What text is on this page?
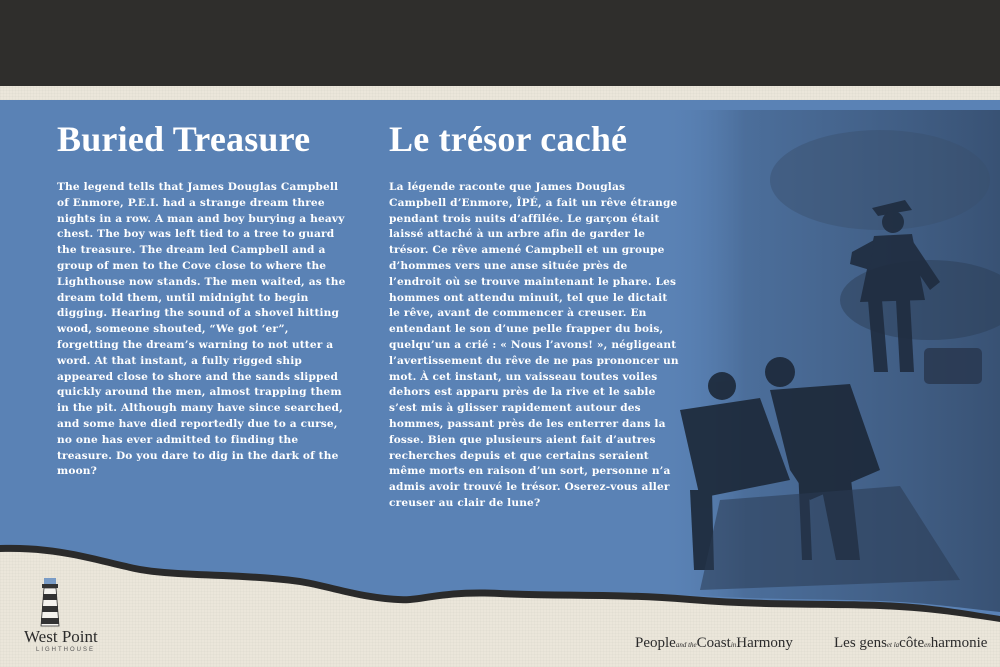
Buried Treasure

The legend tells that James Douglas Campbell of Enmore, P.E.I. had a strange dream three nights in a row. A man and boy burying a heavy chest. The boy was left tied to a tree to guard the treasure. The dream led Campbell and a group of men to the Cove close to where the Lighthouse now stands. The men waited, as the dream told them, until midnight to begin digging. Hearing the sound of a shovel hitting wood, someone shouted, “We got ‘er”, forgetting the dream’s warning to not utter a word. At that instant, a fully rigged ship appeared close to shore and the sands slipped quickly around the men, almost trapping them in the pit. Although many have since searched, and some have died reportedly due to a curse, no one has ever admitted to finding the treasure. Do you dare to dig in the dark of the moon?

Le trésor caché

La légende raconte que James Douglas Campbell d’Enmore, ÎPÉ, a fait un rêve étrange pendant trois nuits d’affilée. Le garçon était laissé attaché à un arbre afin de garder le trésor. Ce rêve amené Campbell et un groupe d’hommes vers une anse située près de l’endroit où se trouve maintenant le phare. Les hommes ont attendu minuit, tel que le dictait le rêve, avant de commencer à creuser. En entendant le son d’une pelle frapper du bois, quelqu’un a crié : « Nous l’avons! », négligeant l’avertissement du rêve de ne pas prononcer un mot. À cet instant, un vaisseau toutes voiles dehors est apparu près de la rive et le sable s’est mis à glisser rapidement autour des hommes, passant près de les enterrer dans la fosse. Bien que plusieurs aient fait d’autres recherches depuis et que certains seraient même morts en raison d’un sort, personne n’a admis avoir trouvé le trésor. Oserez-vous aller creuser au clair de lune?

West Point
LIGHTHOUSE	Peopleand theCoastinHarmony	Les genset lacôteenharmonie
